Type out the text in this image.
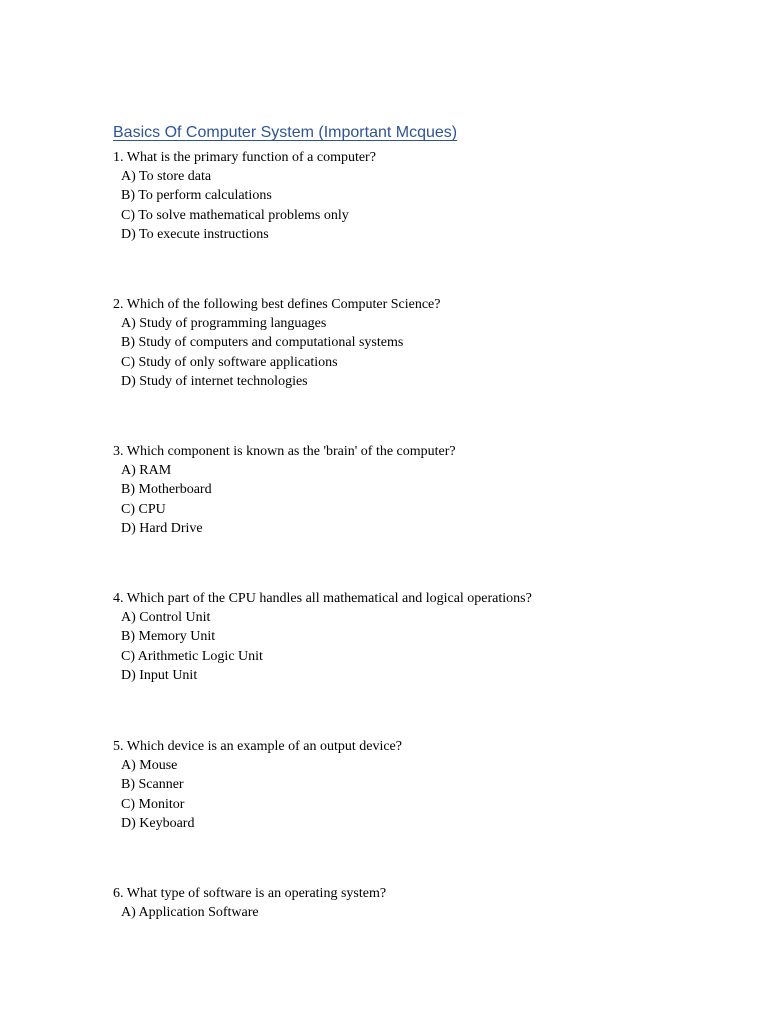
Basics Of Computer System (Important Mcques)
1. What is the primary function of a computer?
A) To store data
B) To perform calculations
C) To solve mathematical problems only
D) To execute instructions
2. Which of the following best defines Computer Science?
A) Study of programming languages
B) Study of computers and computational systems
C) Study of only software applications
D) Study of internet technologies
3. Which component is known as the 'brain' of the computer?
A) RAM
B) Motherboard
C) CPU
D) Hard Drive
4. Which part of the CPU handles all mathematical and logical operations?
A) Control Unit
B) Memory Unit
C) Arithmetic Logic Unit
D) Input Unit
5. Which device is an example of an output device?
A) Mouse
B) Scanner
C) Monitor
D) Keyboard
6. What type of software is an operating system?
A) Application Software
